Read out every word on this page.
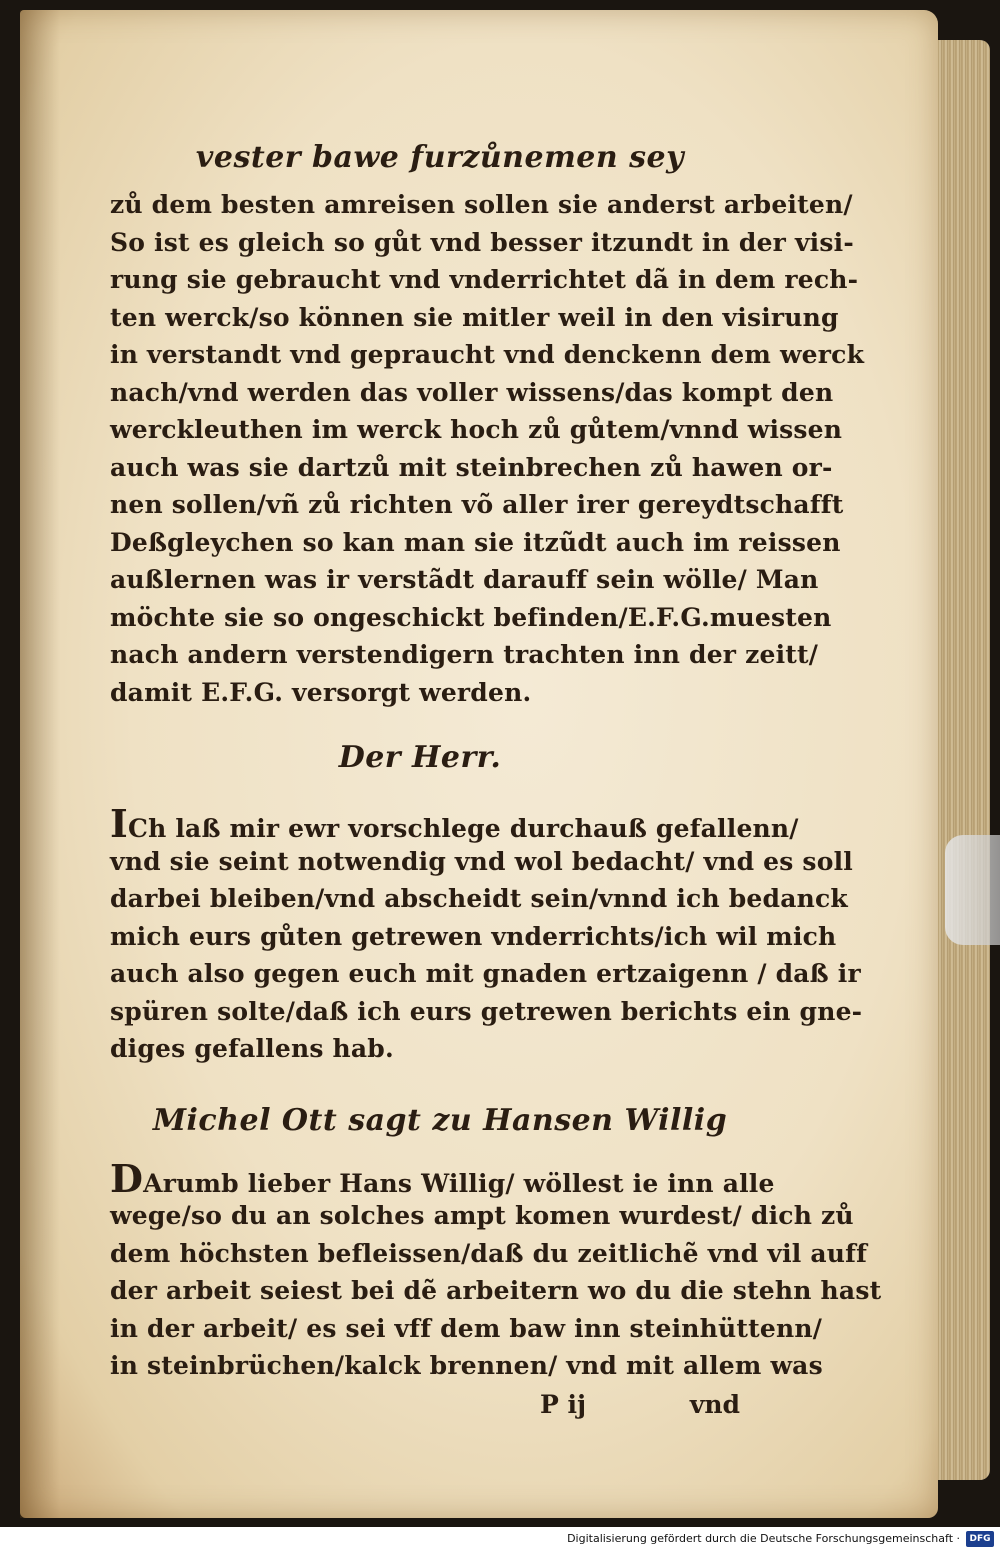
vester bawe furzůnemen sey
zů dem besten amreisen sollen sie anderst arbeiten/
So ist es gleich so gůt vnd besser itzundt in der visi-
rung sie gebraucht vnd vnderrichtet dã in dem rech-
ten werck/so können sie mitler weil in den visirung
in verstandt vnd gepraucht vnd denckenn dem werck
nach/vnd werden das voller wissens/das kompt den
werckleuthen im werck hoch zů gůtem/vnnd wissen
auch was sie dartzů mit steinbrechen zů hawen or-
nen sollen/vñ zů richten võ aller irer gereydtschafft
Deßgleychen so kan man sie itzũdt auch im reissen
außlernen was ir verstãdt darauff sein wölle/ Man
möchte sie so ongeschickt befinden/E.F.G.muesten
nach andern verstendigern trachten inn der zeitt/
damit E.F.G. versorgt werden.
Der Herr.
ICh laß mir ewr vorschlege durchauß gefallenn/
vnd sie seint notwendig vnd wol bedacht/ vnd es soll
darbei bleiben/vnd abscheidt sein/vnnd ich bedanck
mich eurs gůten getrewen vnderrichts/ich wil mich
auch also gegen euch mit gnaden ertzaigenn / daß ir
spüren solte/daß ich eurs getrewen berichts ein gne-
diges gefallens hab.
Michel Ott sagt zu Hansen Willig
DArumb lieber Hans Willig/ wöllest ie inn alle
wege/so du an solches ampt komen wurdest/ dich zů
dem höchsten befleissen/daß du zeitlichẽ vnd vil auff
der arbeit seiest bei dẽ arbeitern wo du die stehn hast
in der arbeit/ es sei vff dem baw inn steinhüttenn/
in steinbrüchen/kalck brennen/ vnd mit allem was
P ij	vnd
Digitalisierung gefördert durch die Deutsche Forschungsgemeinschaft ·	DFG
